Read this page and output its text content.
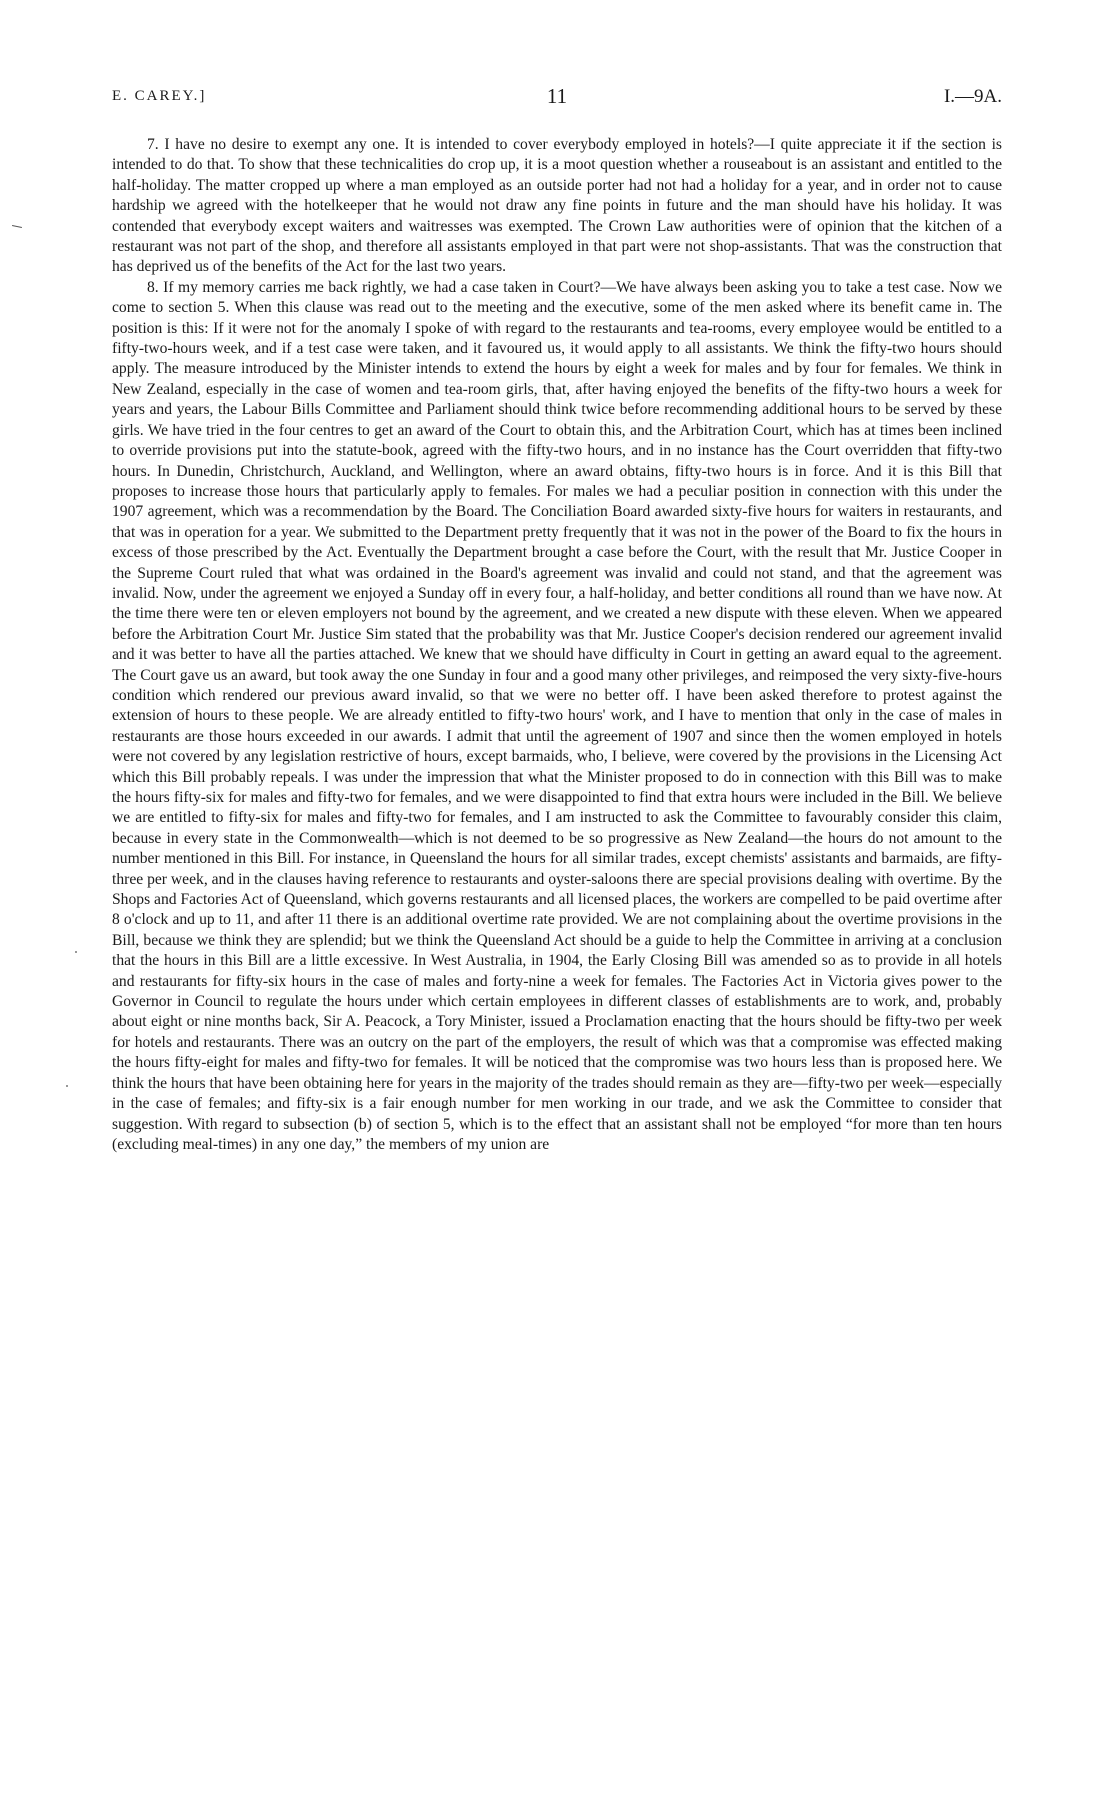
E. CAREY.]	11	I.—9A.

7. I have no desire to exempt any one. It is intended to cover everybody employed in hotels?—I quite appreciate it if the section is intended to do that. To show that these technicalities do crop up, it is a moot question whether a rouseabout is an assistant and entitled to the half-holiday. The matter cropped up where a man employed as an outside porter had not had a holiday for a year, and in order not to cause hardship we agreed with the hotelkeeper that he would not draw any fine points in future and the man should have his holiday. It was contended that everybody except waiters and waitresses was exempted. The Crown Law authorities were of opinion that the kitchen of a restaurant was not part of the shop, and therefore all assistants employed in that part were not shop-assistants. That was the construction that has deprived us of the benefits of the Act for the last two years.

8. If my memory carries me back rightly, we had a case taken in Court?—We have always been asking you to take a test case. Now we come to section 5. When this clause was read out to the meeting and the executive, some of the men asked where its benefit came in. The position is this: If it were not for the anomaly I spoke of with regard to the restaurants and tea-rooms, every employee would be entitled to a fifty-two-hours week, and if a test case were taken, and it favoured us, it would apply to all assistants. We think the fifty-two hours should apply. The measure introduced by the Minister intends to extend the hours by eight a week for males and by four for females. We think in New Zealand, especially in the case of women and tea-room girls, that, after having enjoyed the benefits of the fifty-two hours a week for years and years, the Labour Bills Committee and Parliament should think twice before recommending additional hours to be served by these girls. We have tried in the four centres to get an award of the Court to obtain this, and the Arbitration Court, which has at times been inclined to override provisions put into the statute-book, agreed with the fifty-two hours, and in no instance has the Court overridden that fifty-two hours. In Dunedin, Christchurch, Auckland, and Wellington, where an award obtains, fifty-two hours is in force. And it is this Bill that proposes to increase those hours that particularly apply to females. For males we had a peculiar position in connection with this under the 1907 agreement, which was a recommendation by the Board. The Conciliation Board awarded sixty-five hours for waiters in restaurants, and that was in operation for a year. We submitted to the Department pretty frequently that it was not in the power of the Board to fix the hours in excess of those prescribed by the Act. Eventually the Department brought a case before the Court, with the result that Mr. Justice Cooper in the Supreme Court ruled that what was ordained in the Board's agreement was invalid and could not stand, and that the agreement was invalid. Now, under the agreement we enjoyed a Sunday off in every four, a half-holiday, and better conditions all round than we have now. At the time there were ten or eleven employers not bound by the agreement, and we created a new dispute with these eleven. When we appeared before the Arbitration Court Mr. Justice Sim stated that the probability was that Mr. Justice Cooper's decision rendered our agreement invalid and it was better to have all the parties attached. We knew that we should have difficulty in Court in getting an award equal to the agreement. The Court gave us an award, but took away the one Sunday in four and a good many other privileges, and reimposed the very sixty-five-hours condition which rendered our previous award invalid, so that we were no better off. I have been asked therefore to protest against the extension of hours to these people. We are already entitled to fifty-two hours' work, and I have to mention that only in the case of males in restaurants are those hours exceeded in our awards. I admit that until the agreement of 1907 and since then the women employed in hotels were not covered by any legislation restrictive of hours, except barmaids, who, I believe, were covered by the provisions in the Licensing Act which this Bill probably repeals. I was under the impression that what the Minister proposed to do in connection with this Bill was to make the hours fifty-six for males and fifty-two for females, and we were disappointed to find that extra hours were included in the Bill. We believe we are entitled to fifty-six for males and fifty-two for females, and I am instructed to ask the Committee to favourably consider this claim, because in every state in the Commonwealth—which is not deemed to be so progressive as New Zealand—the hours do not amount to the number mentioned in this Bill. For instance, in Queensland the hours for all similar trades, except chemists' assistants and barmaids, are fifty-three per week, and in the clauses having reference to restaurants and oyster-saloons there are special provisions dealing with overtime. By the Shops and Factories Act of Queensland, which governs restaurants and all licensed places, the workers are compelled to be paid overtime after 8 o'clock and up to 11, and after 11 there is an additional overtime rate provided. We are not complaining about the overtime provisions in the Bill, because we think they are splendid; but we think the Queensland Act should be a guide to help the Committee in arriving at a conclusion that the hours in this Bill are a little excessive. In West Australia, in 1904, the Early Closing Bill was amended so as to provide in all hotels and restaurants for fifty-six hours in the case of males and forty-nine a week for females. The Factories Act in Victoria gives power to the Governor in Council to regulate the hours under which certain employees in different classes of establishments are to work, and, probably about eight or nine months back, Sir A. Peacock, a Tory Minister, issued a Proclamation enacting that the hours should be fifty-two per week for hotels and restaurants. There was an outcry on the part of the employers, the result of which was that a compromise was effected making the hours fifty-eight for males and fifty-two for females. It will be noticed that the compromise was two hours less than is proposed here. We think the hours that have been obtaining here for years in the majority of the trades should remain as they are—fifty-two per week—especially in the case of females; and fifty-six is a fair enough number for men working in our trade, and we ask the Committee to consider that suggestion. With regard to subsection (b) of section 5, which is to the effect that an assistant shall not be employed “for more than ten hours (excluding meal-times) in any one day,” the members of my union are
